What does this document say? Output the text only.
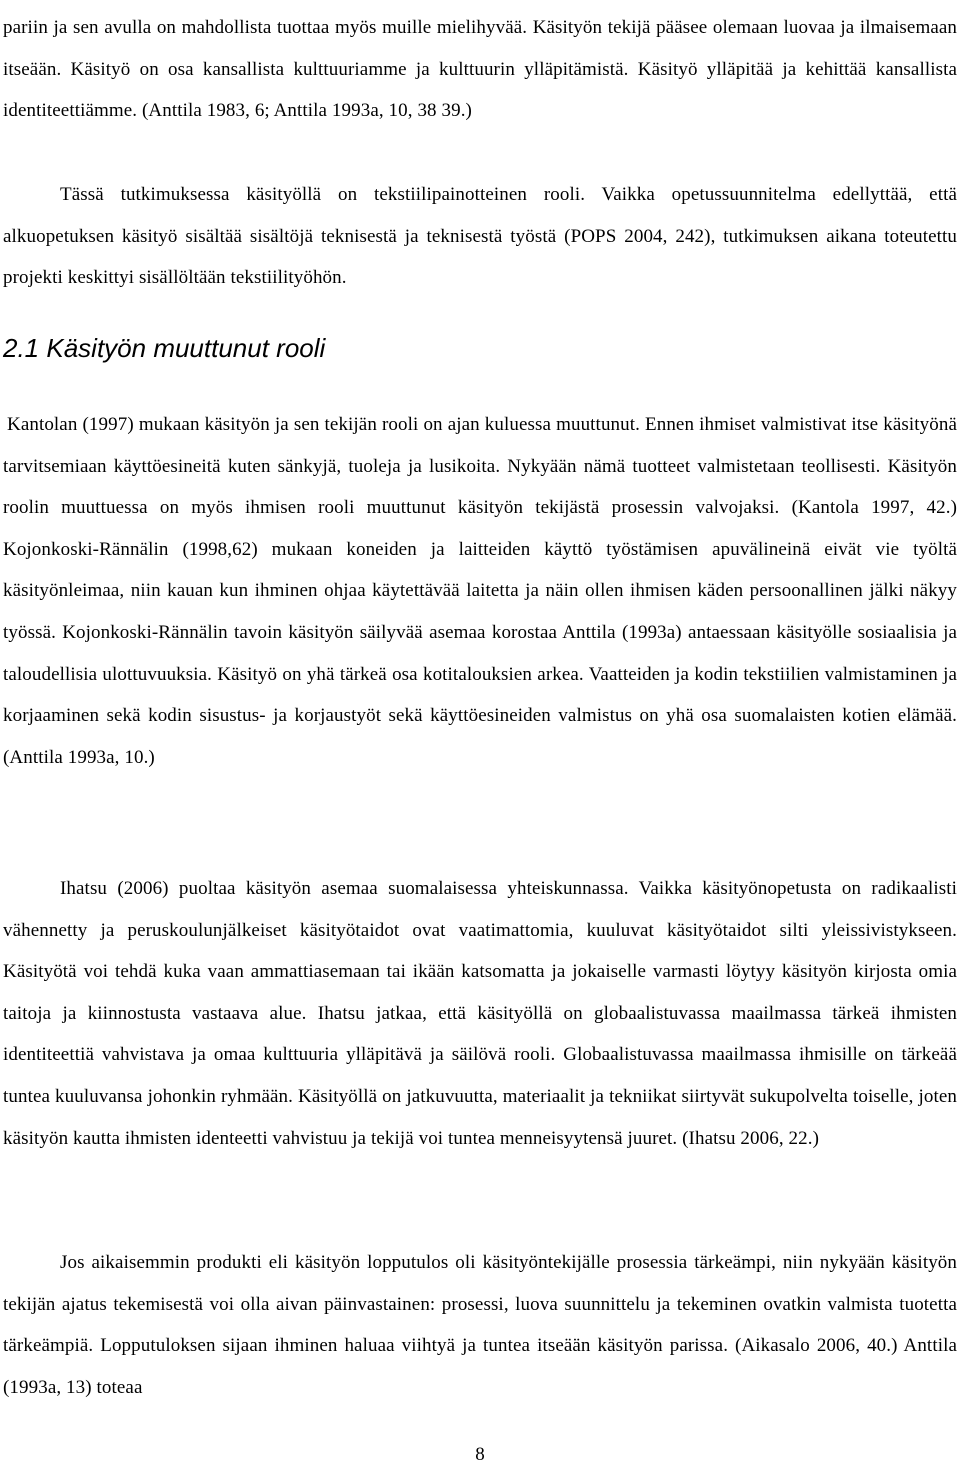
pariin ja sen avulla on mahdollista tuottaa myös muille mielihyvää. Käsityön tekijä pääsee olemaan luovaa ja ilmaisemaan itseään. Käsityö on osa kansallista kulttuuriamme ja kulttuurin ylläpitämistä. Käsityö ylläpitää ja kehittää kansallista identiteettiämme. (Anttila 1983, 6; Anttila 1993a, 10, 38 39.)

Tässä tutkimuksessa käsityöllä on tekstiilipainotteinen rooli. Vaikka opetussuunnitelma edellyttää, että alkuopetuksen käsityö sisältää sisältöjä teknisestä ja teknisestä työstä (POPS 2004, 242), tutkimuksen aikana toteutettu projekti keskittyi sisällöltään tekstiilityöhön.

2.1 Käsityön muuttunut rooli

Kantolan (1997) mukaan käsityön ja sen tekijän rooli on ajan kuluessa muuttunut. Ennen ihmiset valmistivat itse käsityönä tarvitsemiaan käyttöesineitä kuten sänkyjä, tuoleja ja lusikoita. Nykyään nämä tuotteet valmistetaan teollisesti. Käsityön roolin muuttuessa on myös ihmisen rooli muuttunut käsityön tekijästä prosessin valvojaksi. (Kantola 1997, 42.) Kojonkoski-Rännälin (1998,62) mukaan koneiden ja laitteiden käyttö työstämisen apuvälineinä eivät vie työltä käsityönleimaa, niin kauan kun ihminen ohjaa käytettävää laitetta ja näin ollen ihmisen käden persoonallinen jälki näkyy työssä. Kojonkoski-Rännälin tavoin käsityön säilyvää asemaa korostaa Anttila (1993a) antaessaan käsityölle sosiaalisia ja taloudellisia ulottuvuuksia. Käsityö on yhä tärkeä osa kotitalouksien arkea. Vaatteiden ja kodin tekstiilien valmistaminen ja korjaaminen sekä kodin sisustus- ja korjaustyöt sekä käyttöesineiden valmistus on yhä osa suomalaisten kotien elämää. (Anttila 1993a, 10.)

Ihatsu (2006) puoltaa käsityön asemaa suomalaisessa yhteiskunnassa. Vaikka käsityönopetusta on radikaalisti vähennetty ja peruskoulunjälkeiset käsityötaidot ovat vaatimattomia, kuuluvat käsityötaidot silti yleissivistykseen. Käsityötä voi tehdä kuka vaan ammattiasemaan tai ikään katsomatta ja jokaiselle varmasti löytyy käsityön kirjosta omia taitoja ja kiinnostusta vastaava alue. Ihatsu jatkaa, että käsityöllä on globaalistuvassa maailmassa tärkeä ihmisten identiteettiä vahvistava ja omaa kulttuuria ylläpitävä ja säilövä rooli. Globaalistuvassa maailmassa ihmisille on tärkeää tuntea kuuluvansa johonkin ryhmään. Käsityöllä on jatkuvuutta, materiaalit ja tekniikat siirtyvät sukupolvelta toiselle, joten käsityön kautta ihmisten identeetti vahvistuu ja tekijä voi tuntea menneisyytensä juuret. (Ihatsu 2006, 22.)

Jos aikaisemmin produkti eli käsityön lopputulos oli käsityöntekijälle prosessia tärkeämpi, niin nykyään käsityön tekijän ajatus tekemisestä voi olla aivan päinvastainen: prosessi, luova suunnittelu ja tekeminen ovatkin valmista tuotetta tärkeämpiä. Lopputuloksen sijaan ihminen haluaa viihtyä ja tuntea itseään käsityön parissa. (Aikasalo 2006, 40.) Anttila (1993a, 13) toteaa

8
